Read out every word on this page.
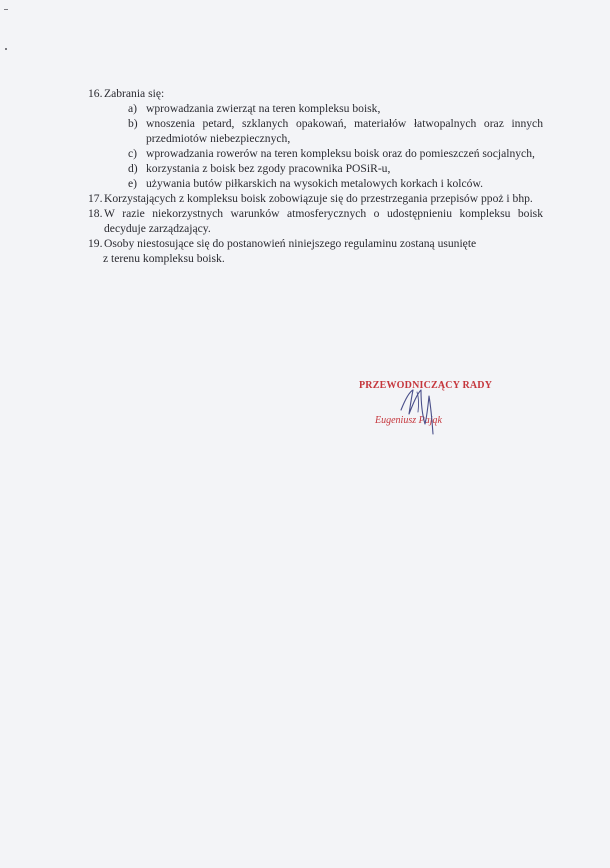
16. Zabrania się:
a) wprowadzania zwierząt na teren kompleksu boisk,
b) wnoszenia petard, szklanych opakowań, materiałów łatwopalnych oraz innych przedmiotów niebezpiecznych,
c) wprowadzania rowerów na teren kompleksu boisk oraz do pomieszczeń socjalnych,
d) korzystania z boisk bez zgody pracownika POSiR-u,
e) używania butów piłkarskich na wysokich metalowych korkach i kolców.
17. Korzystających z kompleksu boisk zobowiązuje się do przestrzegania przepisów ppoż i bhp.
18. W razie niekorzystnych warunków atmosferycznych o udostępnieniu kompleksu boisk decyduje zarządzający.
19. Osoby niestosujące się do postanowień niniejszego regulaminu zostaną usunięte
z terenu kompleksu boisk.
PRZEWODNICZĄCY RADY
Eugeniusz Pająk
